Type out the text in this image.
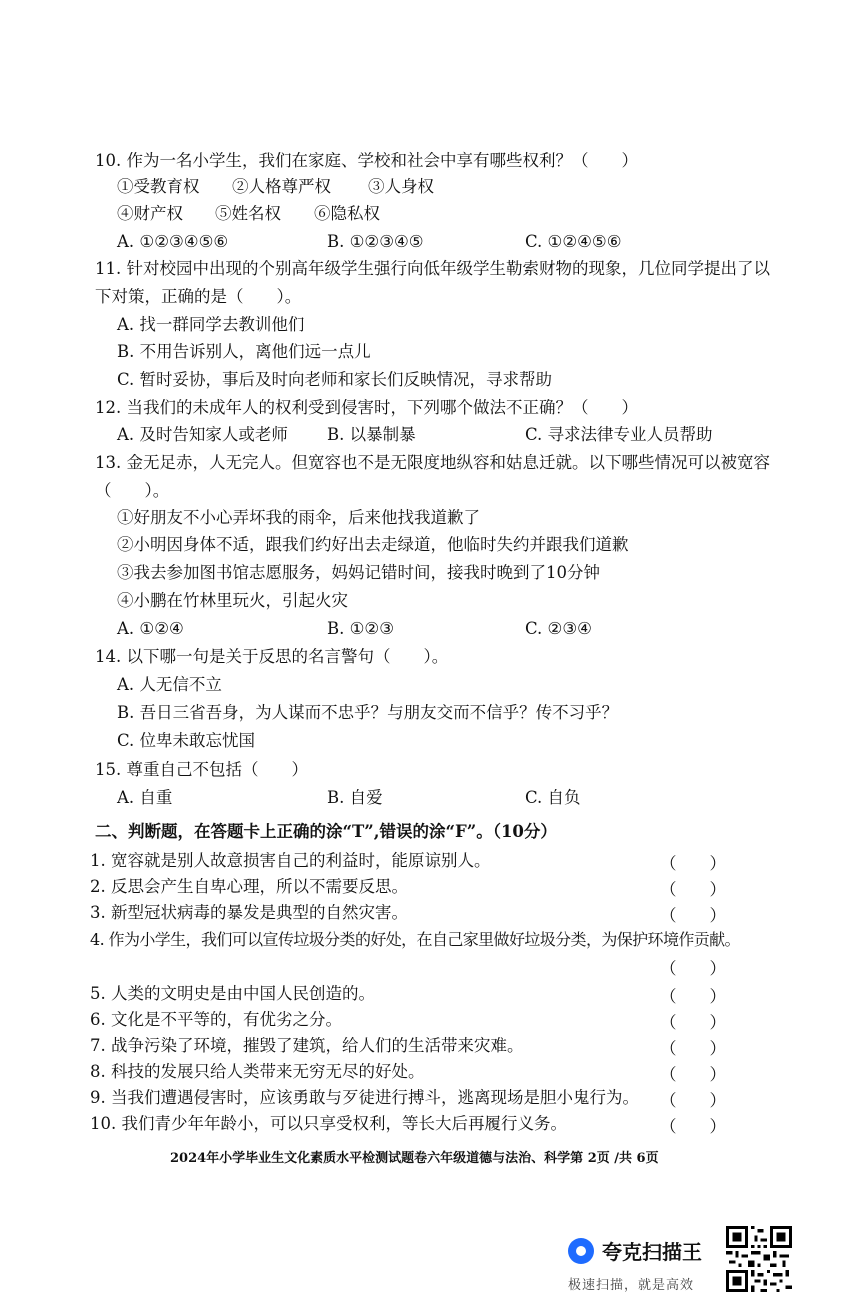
10. 作为一名小学生，我们在家庭、学校和社会中享有哪些权利？（　　）
①受教育权 ②人格尊严权 ③人身权
④财产权 ⑤姓名权 ⑥隐私权
A. ①②③④⑤⑥	B. ①②③④⑤	C. ①②④⑤⑥
11. 针对校园中出现的个别高年级学生强行向低年级学生勒索财物的现象，几位同学提出了以
下对策，正确的是（　　）。
A. 找一群同学去教训他们
B. 不用告诉别人，离他们远一点儿
C. 暂时妥协，事后及时向老师和家长们反映情况，寻求帮助
12. 当我们的未成年人的权利受到侵害时，下列哪个做法不正确？（　　）
A. 及时告知家人或老师 B. 以暴制暴	C. 寻求法律专业人员帮助
13. 金无足赤，人无完人。但宽容也不是无限度地纵容和姑息迁就。以下哪些情况可以被宽容
（　　）。
①好朋友不小心弄坏我的雨伞，后来他找我道歉了
②小明因身体不适，跟我们约好出去走绿道，他临时失约并跟我们道歉
③我去参加图书馆志愿服务，妈妈记错时间，接我时晚到了10分钟
④小鹏在竹林里玩火，引起火灾
A. ①②④	B. ①②③	C. ②③④
14. 以下哪一句是关于反思的名言警句（　　）。
A. 人无信不立
B. 吾日三省吾身，为人谋而不忠乎？与朋友交而不信乎？传不习乎？
C. 位卑未敢忘忧国
15. 尊重自己不包括（　　）
A. 自重	B. 自爱	C. 自负
二、判断题，在答题卡上正确的涂“T”,错误的涂“F”。（10分）
1. 宽容就是别人故意损害自己的利益时，能原谅别人。	（　　）
2. 反思会产生自卑心理，所以不需要反思。	（　　）
3. 新型冠状病毒的暴发是典型的自然灾害。	（　　）
4. 作为小学生，我们可以宣传垃圾分类的好处，在自己家里做好垃圾分类，为保护环境作贡献。
（　　）
5. 人类的文明史是由中国人民创造的。	（　　）
6. 文化是不平等的，有优劣之分。	（　　）
7. 战争污染了环境，摧毁了建筑，给人们的生活带来灾难。	（　　）
8. 科技的发展只给人类带来无穷无尽的好处。	（　　）
9. 当我们遭遇侵害时，应该勇敢与歹徒进行搏斗，逃离现场是胆小鬼行为。 （　　）
10. 我们青少年年龄小，可以只享受权利，等长大后再履行义务。	（　　）
2024年小学毕业生文化素质水平检测试题卷六年级道德与法治、科学第 2页 /共 6页
夸克扫描王
极速扫描，就是高效
